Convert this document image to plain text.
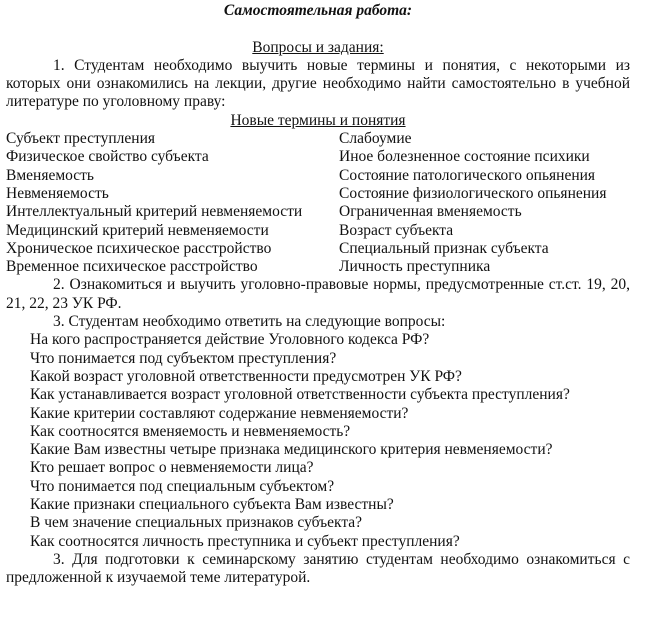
Самостоятельная работа:

Вопросы и задания:

1. Студентам необходимо выучить новые термины и понятия, с некоторыми из которых они ознакомились на лекции, другие необходимо найти самостоятельно в учебной литературе по уголовному праву:

Новые термины и понятия

Субъект преступления	Слабоумие
Физическое свойство субъекта	Иное болезненное состояние психики
Вменяемость	Состояние патологического опьянения
Невменяемость	Состояние физиологического опьянения
Интеллектуальный критерий невменяемости	Ограниченная вменяемость
Медицинский критерий невменяемости	Возраст субъекта
Хроническое психическое расстройство	Специальный признак субъекта
Временное психическое расстройство	Личность преступника

2. Ознакомиться и выучить уголовно-правовые нормы, предусмотренные ст.ст. 19, 20, 21, 22, 23 УК РФ.

3. Студентам необходимо ответить на следующие вопросы:

На кого распространяется действие Уголовного кодекса РФ?
Что понимается под субъектом преступления?
Какой возраст уголовной ответственности предусмотрен УК РФ?
Как устанавливается возраст уголовной ответственности субъекта преступления?
Какие критерии составляют содержание невменяемости?
Как соотносятся вменяемость и невменяемость?
Какие Вам известны четыре признака медицинского критерия невменяемости?
Кто решает вопрос о невменяемости лица?
Что понимается под специальным субъектом?
Какие признаки специального субъекта Вам известны?
В чем значение специальных признаков субъекта?
Как соотносятся личность преступника и субъект преступления?

3. Для подготовки к семинарскому занятию студентам необходимо ознакомиться с предложенной к изучаемой теме литературой.
